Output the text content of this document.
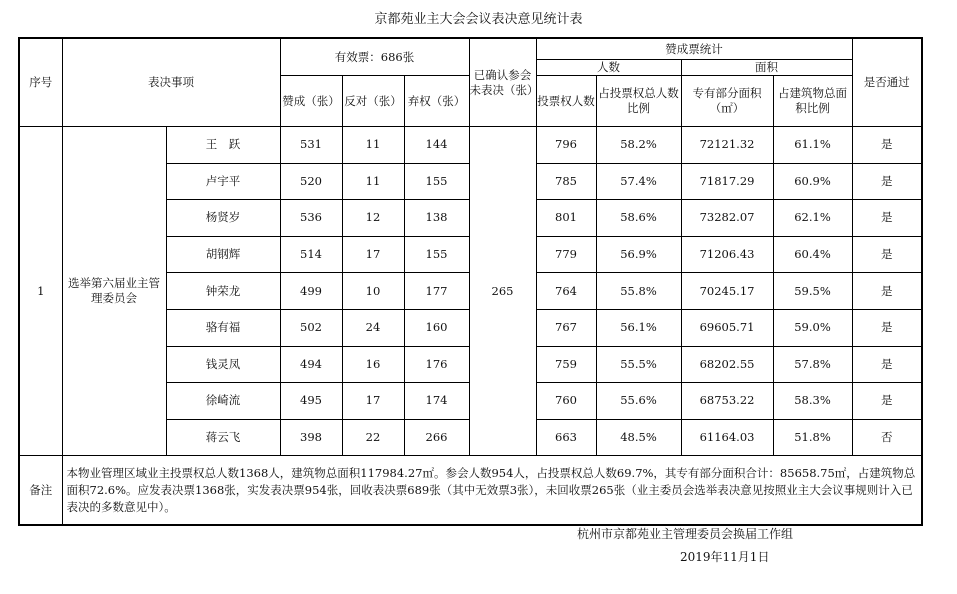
京都苑业主大会会议表决意见统计表
序号	表决事项		有效票：686张			已确认参会未表决（张）	赞成票统计				是否通过
							人数		面积		
			赞成（张）	反对（张）	弃权（张）		投票权人数	占投票权总人数比例	专有部分面积（㎡）	占建筑物总面积比例	
1	选举第六届业主管理委员会	王　跃	531	11	144	265	796	58.2%	72121.32	61.1%	是
		卢宇平	520	11	155		785	57.4%	71817.29	60.9%	是
		杨贤岁	536	12	138		801	58.6%	73282.07	62.1%	是
		胡钢辉	514	17	155		779	56.9%	71206.43	60.4%	是
		钟荣龙	499	10	177		764	55.8%	70245.17	59.5%	是
		骆有福	502	24	160		767	56.1%	69605.71	59.0%	是
		钱灵凤	494	16	176		759	55.5%	68202.55	57.8%	是
		徐崎流	495	17	174		760	55.6%	68753.22	58.3%	是
		蒋云飞	398	22	266		663	48.5%	61164.03	51.8%	否
备注	本物业管理区域业主投票权总人数1368人，建筑物总面积117984.27㎡。参会人数954人，占投票权总人数69.7%，其专有部分面积合计：85658.75㎡，占建筑物总面积72.6%。应发表决票1368张，实发表决票954张，回收表决票689张（其中无效票3张），未回收票265张（业主委员会选举表决意见按照业主大会议事规则计入已表决的多数意见中）。										
杭州市京都苑业主管理委员会换届工作组
2019年11月1日
